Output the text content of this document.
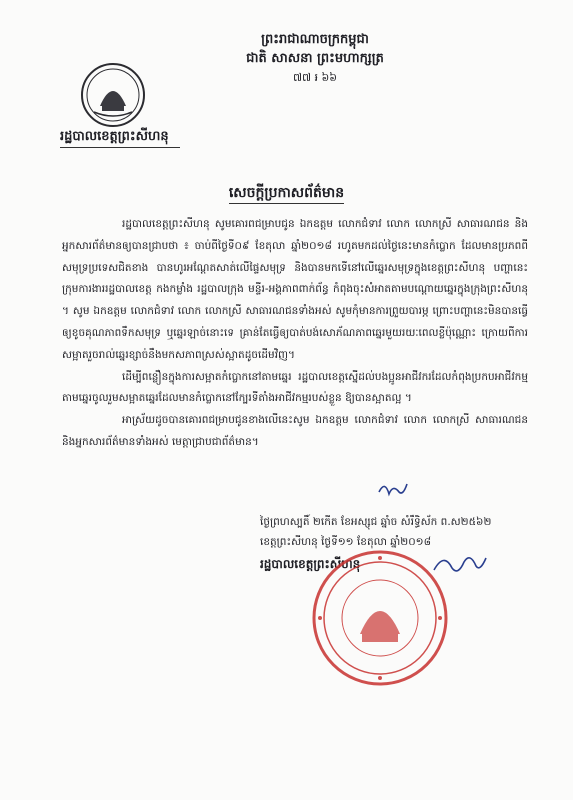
ព្រះរាជាណាចក្រកម្ពុជា
ជាតិ សាសនា ព្រះមហាក្សត្រ
៧៧ ៛ ៦៦
រដ្ឋបាលខេត្តព្រះសីហនុ
សេចក្តីប្រកាសព័ត៌មាន

រដ្ឋបាលខេត្តព្រះសីហនុ សូមគោរពជម្រាបជូន ឯកឧត្តម លោកជំទាវ លោក លោកស្រី សាធារណជន និងអ្នកសារព័ត៌មានឲ្យបានជ្រាបថា ៖ ចាប់ពីថ្ងៃទី០៩ ខែតុលា ឆ្នាំ២០១៨ រហូតមកដល់ថ្ងៃនេះមានកំប្លោក ដែលមានប្រភពពីសមុទ្រប្រទេសជិតខាង បានហូរអណ្តែតសាត់លើផ្ទៃសមុទ្រ និងបានមកទើនៅលើឆ្នេរសមុទ្រក្នុងខេត្តព្រះសីហនុ បញ្ហានេះក្រុមការងាររដ្ឋបាលខេត្ត កងកម្លាំង រដ្ឋបាលក្រុង មន្ទីរ-អង្គភាពពាក់ព័ន្ធ កំពុងចុះសំអាតតាមបណ្តោយឆ្នេរក្នុងក្រុងព្រះសីហនុ ។ សូម ឯកឧត្តម លោកជំទាវ លោក លោកស្រី សាធារណជនទាំងអស់ សូមកុំមានការព្រួយបារម្ភ ព្រោះបញ្ហានេះមិនបានធ្វើឲ្យខូចគុណភាពទឹកសមុទ្រ ឬឆ្នេរឡាច់នោះទេ គ្រាន់តែធ្វើឲ្យបាត់បង់សោភ័ណភាពឆ្នេរមួយរយៈពេលខ្លីប៉ុណ្ណោះ ក្រោយពីការសម្អាតរួចរាល់ឆ្នេរខ្សាច់នឹងមកសភាពស្រស់ស្អាតដូចដើមវិញ។

ដើម្បីពន្លឿនក្នុងការសម្អាតកំប្លោកនៅតាមឆ្នេរ រដ្ឋបាលខេត្តស្នើដល់បងប្អូនអាជីវករដែលកំពុងប្រកបអាជីវកម្មតាមឆ្នេរចូលរួមសម្អាតឆ្នេរដែលមានកំប្លោកនៅក្បែរទីតាំងអាជីវកម្មរបស់ខ្លួន ឱ្យបានស្អាតល្អ ។

អាស្រ័យដូចបានគោរពជម្រាបជូនខាងលើនេះសូម ឯកឧត្តម លោកជំទាវ លោក លោកស្រី សាធារណជន និងអ្នកសារព័ត៌មានទាំងអស់ មេត្តាជ្រាបជាព័ត៌មាន។

ថ្ងៃព្រហស្បតិ៍ ២កើត ខែអស្សុជ ឆ្នាំច សំរឹទ្ធិស័ក ព.ស២៥៦២
ខេត្តព្រះសីហនុ ថ្ងៃទី១១ ខែតុលា ឆ្នាំ២០១៨
រដ្ឋបាលខេត្តព្រះសីហនុ
